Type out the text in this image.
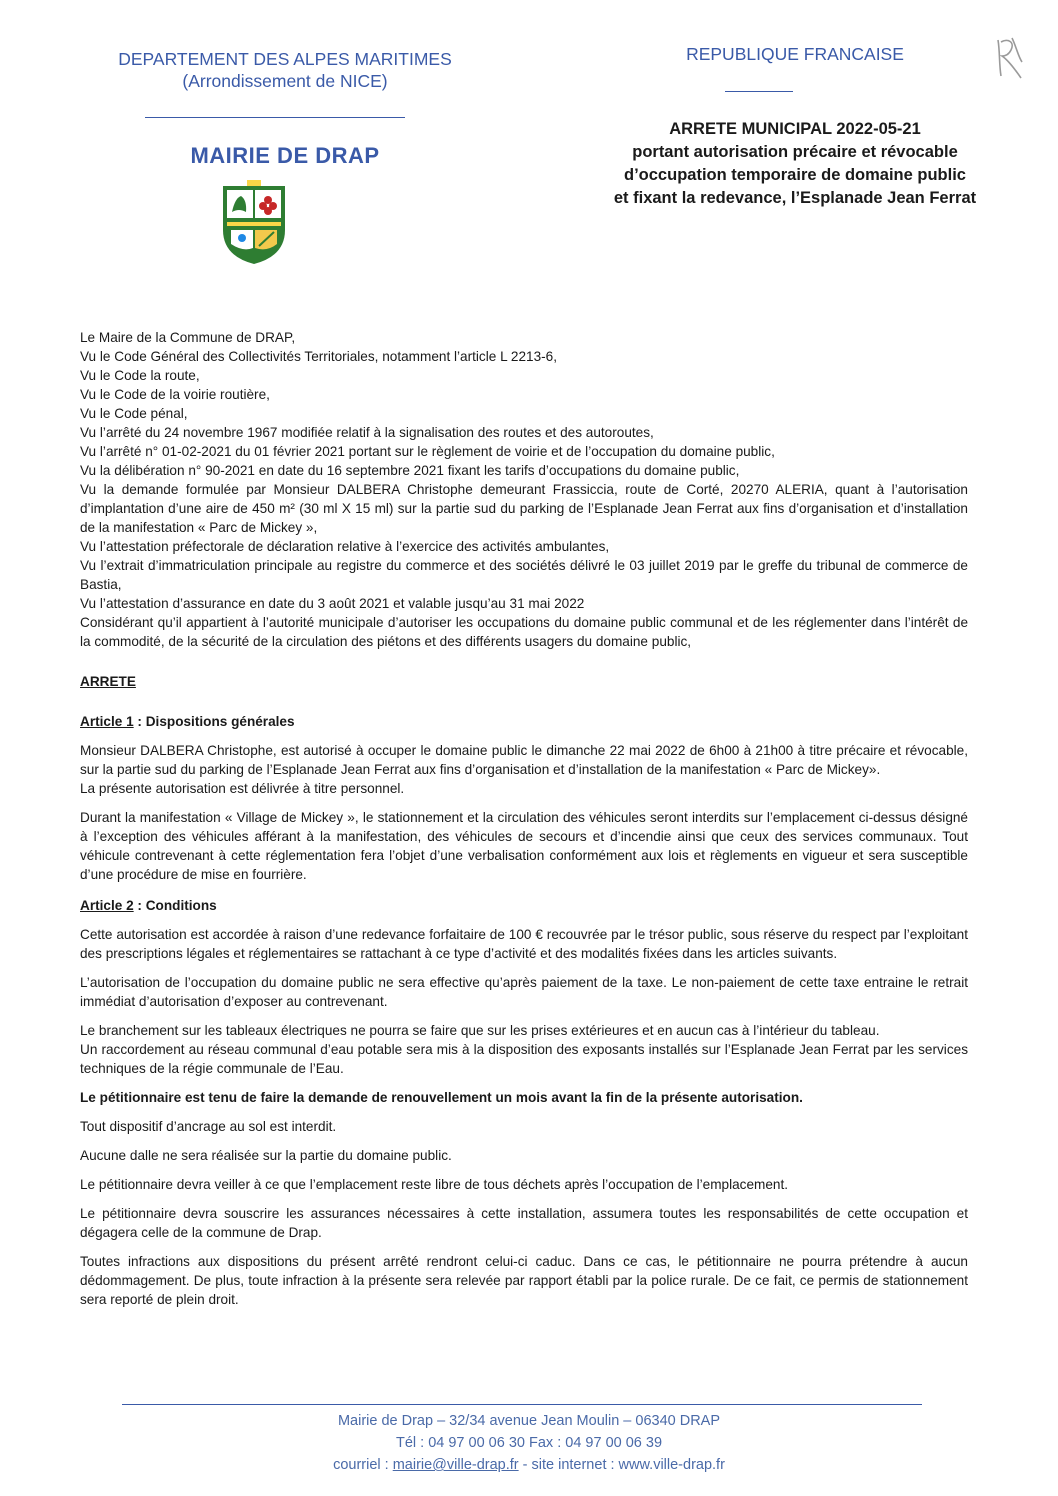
DEPARTEMENT DES ALPES MARITIMES
(Arrondissement de NICE)
MAIRIE DE DRAP
REPUBLIQUE FRANCAISE
ARRETE MUNICIPAL 2022-05-21
portant autorisation précaire et révocable
d’occupation temporaire de domaine public
et fixant la redevance, l’Esplanade Jean Ferrat

Le Maire de la Commune de DRAP,

Vu le Code Général des Collectivités Territoriales, notamment l’article L 2213-6,

Vu le Code la route,

Vu le Code de la voirie routière,

Vu le Code pénal,

Vu l’arrêté du 24 novembre 1967 modifiée relatif à la signalisation des routes et des autoroutes,

Vu l’arrêté n° 01-02-2021 du 01 février 2021 portant sur le règlement de voirie et de l’occupation du domaine public,

Vu la délibération n° 90-2021 en date du 16 septembre 2021 fixant les tarifs d’occupations du domaine public,

Vu la demande formulée par Monsieur DALBERA Christophe demeurant Frassiccia, route de Corté, 20270 ALERIA, quant à l’autorisation d’implantation d’une aire de 450 m² (30 ml X 15 ml) sur la partie sud du parking de l’Esplanade Jean Ferrat aux fins d’organisation et d’installation de la manifestation « Parc de Mickey »,

Vu l’attestation préfectorale de déclaration relative à l’exercice des activités ambulantes,

Vu l’extrait d’immatriculation principale au registre du commerce et des sociétés délivré le 03 juillet 2019 par le greffe du tribunal de commerce de Bastia,

Vu l’attestation d’assurance en date du 3 août 2021 et valable jusqu’au 31 mai 2022

Considérant qu’il appartient à l’autorité municipale d’autoriser les occupations du domaine public communal et de les réglementer dans l’intérêt de la commodité, de la sécurité de la circulation des piétons et des différents usagers du domaine public,

ARRETE

Article 1 : Dispositions générales

Monsieur DALBERA Christophe, est autorisé à occuper le domaine public le dimanche 22 mai 2022 de 6h00 à 21h00 à titre précaire et révocable, sur la partie sud du parking de l’Esplanade Jean Ferrat aux fins d’organisation et d’installation de la manifestation « Parc de Mickey».

La présente autorisation est délivrée à titre personnel.

Durant la manifestation « Village de Mickey », le stationnement et la circulation des véhicules seront interdits sur l’emplacement ci-dessus désigné à l’exception des véhicules afférant à la manifestation, des véhicules de secours et d’incendie ainsi que ceux des services communaux. Tout véhicule contrevenant à cette réglementation fera l’objet d’une verbalisation conformément aux lois et règlements en vigueur et sera susceptible d’une procédure de mise en fourrière.

Article 2 : Conditions

Cette autorisation est accordée à raison d’une redevance forfaitaire de 100 € recouvrée par le trésor public, sous réserve du respect par l’exploitant des prescriptions légales et réglementaires se rattachant à ce type d’activité et des modalités fixées dans les articles suivants.

L’autorisation de l’occupation du domaine public ne sera effective qu’après paiement de la taxe. Le non-paiement de cette taxe entraine le retrait immédiat d’autorisation d’exposer au contrevenant.

Le branchement sur les tableaux électriques ne pourra se faire que sur les prises extérieures et en aucun cas à l’intérieur du tableau.

Un raccordement au réseau communal d’eau potable sera mis à la disposition des exposants installés sur l’Esplanade Jean Ferrat par les services techniques de la régie communale de l’Eau.

Le pétitionnaire est tenu de faire la demande de renouvellement un mois avant la fin de la présente autorisation.

Tout dispositif d’ancrage au sol est interdit.

Aucune dalle ne sera réalisée sur la partie du domaine public.

Le pétitionnaire devra veiller à ce que l’emplacement reste libre de tous déchets après l’occupation de l’emplacement.

Le pétitionnaire devra souscrire les assurances nécessaires à cette installation, assumera toutes les responsabilités de cette occupation et dégagera celle de la commune de Drap.

Toutes infractions aux dispositions du présent arrêté rendront celui-ci caduc. Dans ce cas, le pétitionnaire ne pourra prétendre à aucun dédommagement. De plus, toute infraction à la présente sera relevée par rapport établi par la police rurale. De ce fait, ce permis de stationnement sera reporté de plein droit.

Mairie de Drap – 32/34 avenue Jean Moulin – 06340 DRAP
Tél : 04 97 00 06 30 Fax : 04 97 00 06 39
courriel : mairie@ville-drap.fr - site internet : www.ville-drap.fr
